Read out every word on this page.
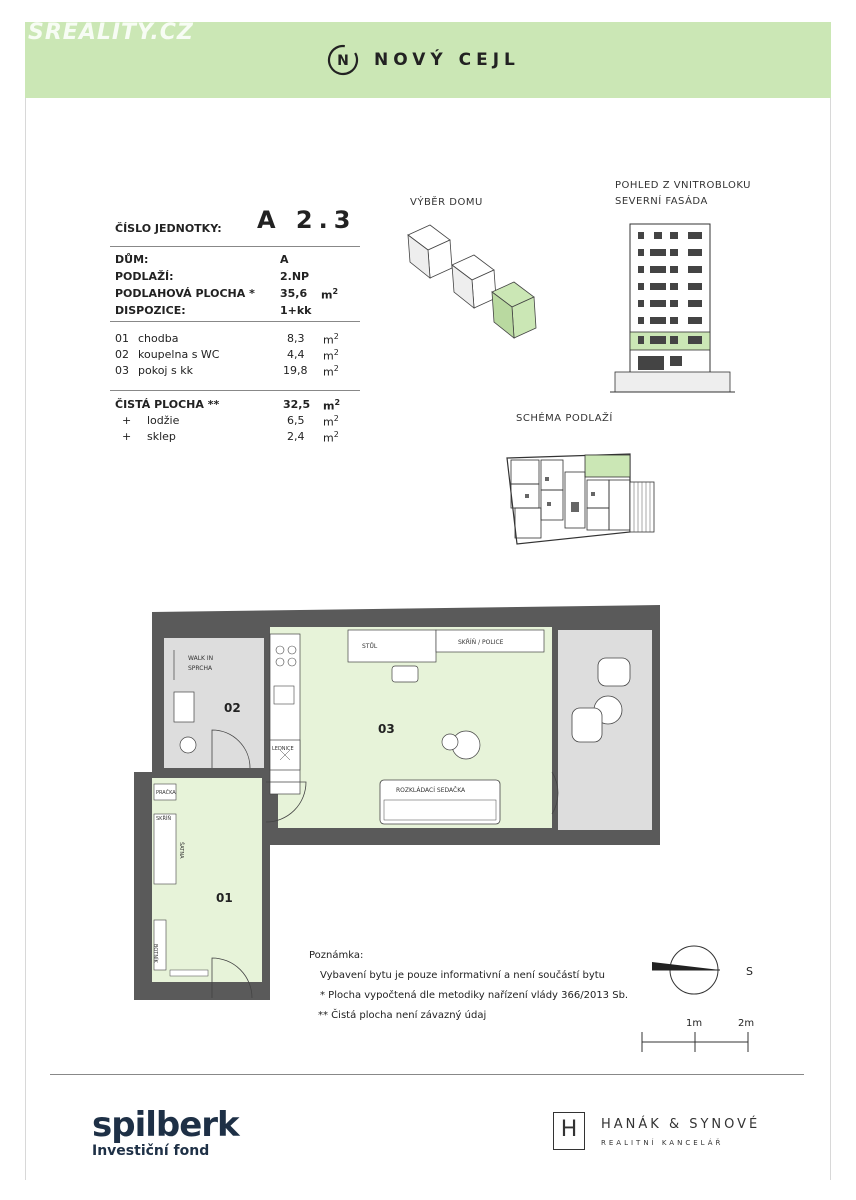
SREALITY.CZ
N NOVÝ CEJL
ČÍSLO JEDNOTKY: A 2.3
DŮM:	A
PODLAŽÍ:	2.NP
PODLAHOVÁ PLOCHA * 35,6 $m^2$
DISPOZICE:	1+kk
01 chodba	8,3 $m^2$
02 koupelna s WC	4,4 $m^2$
03 pokoj s kk	19,8 $m^2$
ČISTÁ PLOCHA **	32,5 $m^2$
+ lodžie	6,5 $m^2$
+ sklep	2,4 $m^2$
VÝBĚR DOMU
POHLED Z VNITROBLOKU
SEVERNÍ FASÁDA
SCHÉMA PODLAŽÍ
WALK IN
SPRCHA
STŮL
SKŘÍŇ / POLICE
LEDNICE
ROZKLÁDACÍ SEDAČKA
PRAČKA
SKŘÍŇ
ŠATNA
BOTNÍK
02
03
01
Poznámka:
Vybavení bytu je pouze informativní a není součástí bytu
* Plocha vypočtená dle metodiky nařízení vlády 366/2013 Sb.
** Čistá plocha není závazný údaj
S
1m	2m
spilberk
Investiční fond
H	HANÁK & SYNOVÉ
REALITNÍ KANCELÁŘ
